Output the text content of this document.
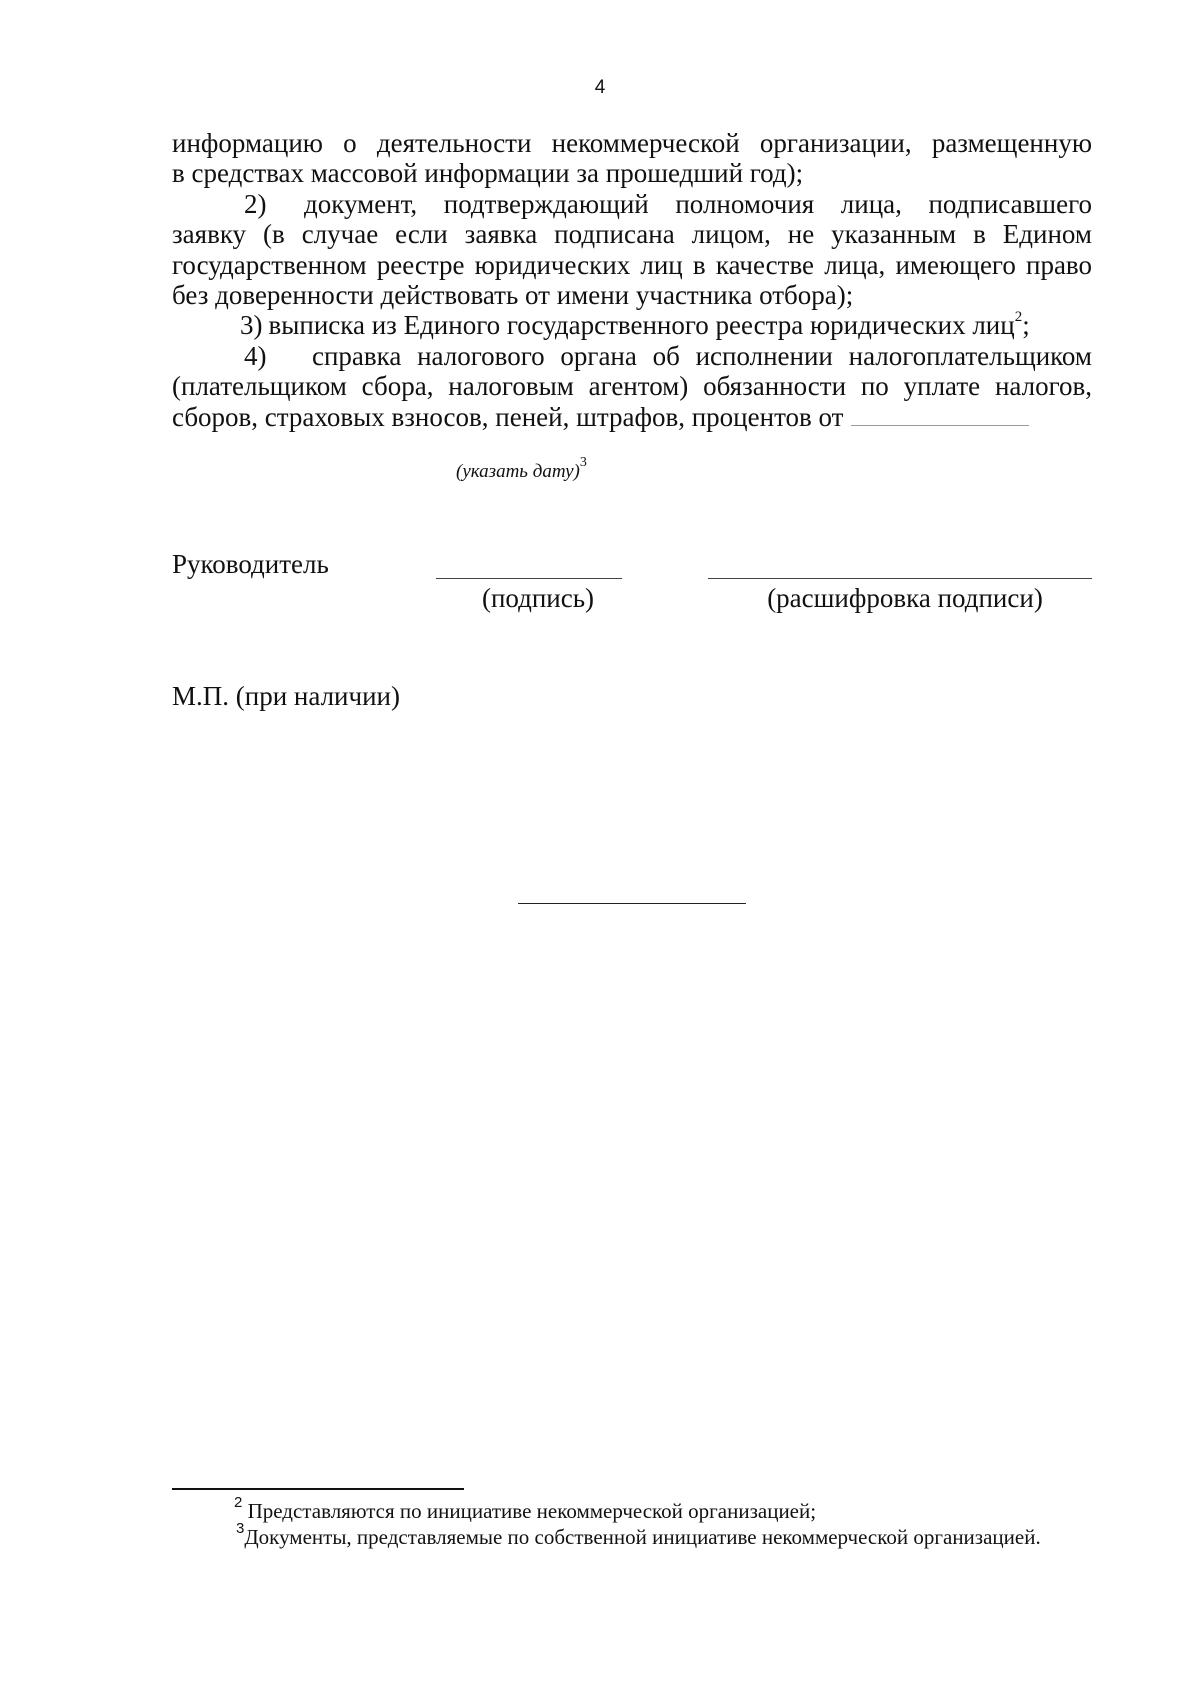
4

информацию о деятельности некоммерческой организации, размещенную
в средствах массовой информации за прошедший год);

2) документ, подтверждающий полномочия лица, подписавшего заявку (в случае если заявка подписана лицом, не указанным в Едином государственном реестре юридических лиц в качестве лица, имеющего право без доверенности действовать от имени участника отбора);

3) выписка из Единого государственного реестра юридических лиц$^2$;

4) справка налогового органа об исполнении налогоплательщиком (плательщиком сбора, налоговым агентом) обязанности по уплате налогов, сборов, страховых взносов, пеней, штрафов, процентов от

(указать дату)$^3$
Руководитель
(подпись)	(расшифровка подписи)
М.П. (при наличии)

$^2$ Представляются по инициативе некоммерческой организацией;

$^3$Документы, представляемые по собственной инициативе некоммерческой организацией.
